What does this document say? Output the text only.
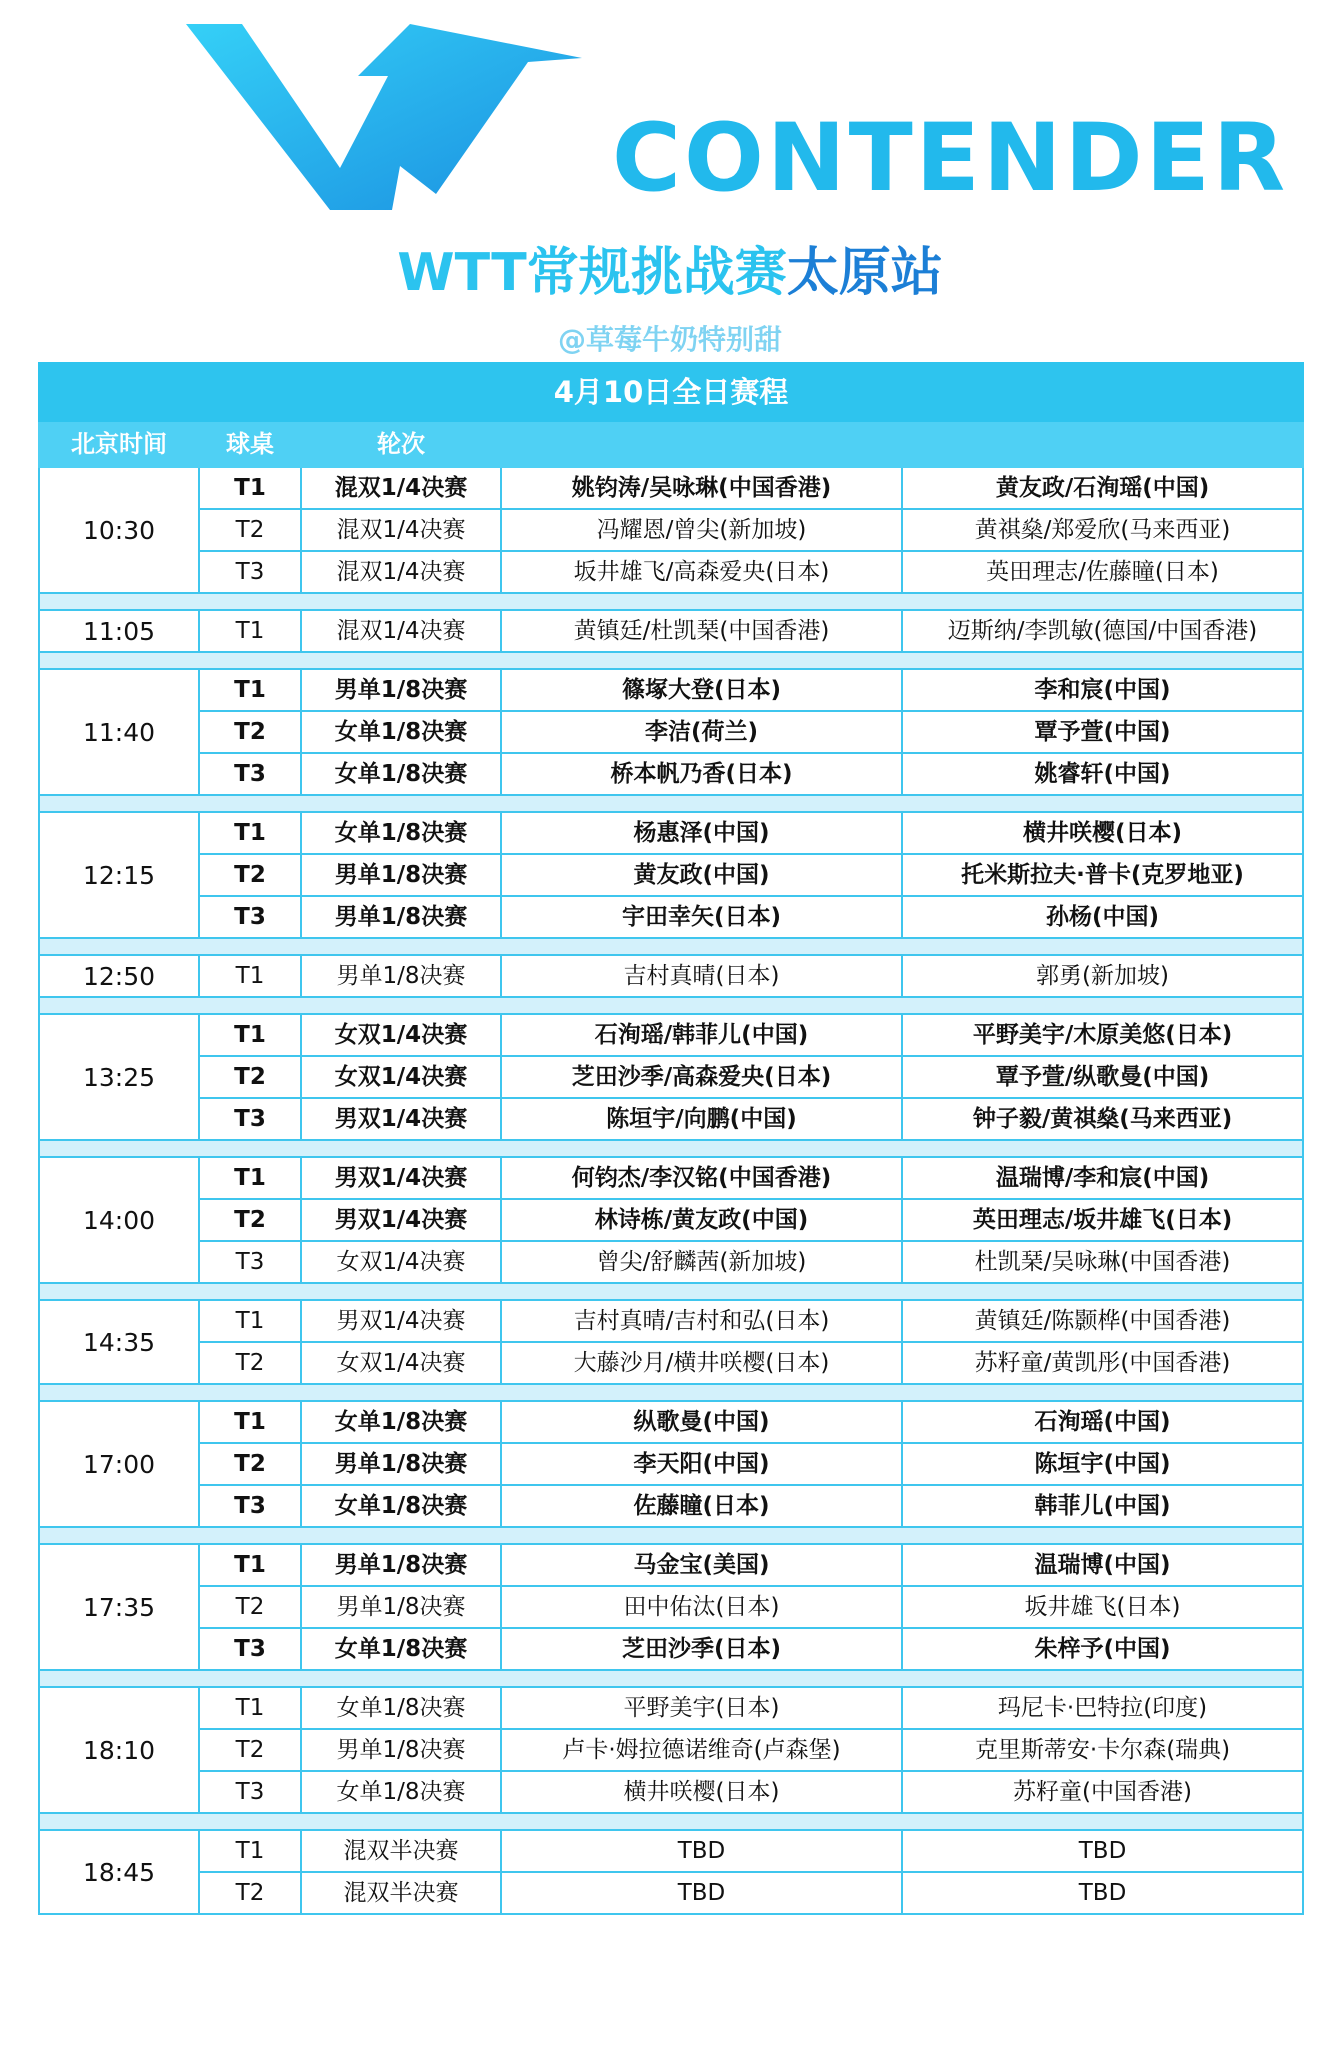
CONTENDER
WTT常规挑战赛太原站
@草莓牛奶特别甜
4月10日全日赛程				
北京时间	球桌	轮次		
10:30	T1	混双1/4决赛	姚钧涛/吴咏琳(中国香港)	黄友政/石洵瑶(中国)
	T2	混双1/4决赛	冯耀恩/曾尖(新加坡)	黄祺燊/郑爱欣(马来西亚)
	T3	混双1/4决赛	坂井雄飞/高森爱央(日本)	英田理志/佐藤瞳(日本)

11:05	T1	混双1/4决赛	黄镇廷/杜凯琹(中国香港)	迈斯纳/李凯敏(德国/中国香港)

11:40	T1	男单1/8决赛	篠塚大登(日本)	李和宸(中国)
	T2	女单1/8决赛	李洁(荷兰)	覃予萱(中国)
	T3	女单1/8决赛	桥本帆乃香(日本)	姚睿轩(中国)

12:15	T1	女单1/8决赛	杨惠泽(中国)	横井咲樱(日本)
	T2	男单1/8决赛	黄友政(中国)	托米斯拉夫·普卡(克罗地亚)
	T3	男单1/8决赛	宇田幸矢(日本)	孙杨(中国)

12:50	T1	男单1/8决赛	吉村真晴(日本)	郭勇(新加坡)

13:25	T1	女双1/4决赛	石洵瑶/韩菲儿(中国)	平野美宇/木原美悠(日本)
	T2	女双1/4决赛	芝田沙季/高森爱央(日本)	覃予萱/纵歌曼(中国)
	T3	男双1/4决赛	陈垣宇/向鹏(中国)	钟子毅/黄祺燊(马来西亚)

14:00	T1	男双1/4决赛	何钧杰/李汉铭(中国香港)	温瑞博/李和宸(中国)
	T2	男双1/4决赛	林诗栋/黄友政(中国)	英田理志/坂井雄飞(日本)
	T3	女双1/4决赛	曾尖/舒麟茜(新加坡)	杜凯琹/吴咏琳(中国香港)

14:35	T1	男双1/4决赛	吉村真晴/吉村和弘(日本)	黄镇廷/陈颢桦(中国香港)
	T2	女双1/4决赛	大藤沙月/横井咲樱(日本)	苏籽童/黄凯彤(中国香港)

17:00	T1	女单1/8决赛	纵歌曼(中国)	石洵瑶(中国)
	T2	男单1/8决赛	李天阳(中国)	陈垣宇(中国)
	T3	女单1/8决赛	佐藤瞳(日本)	韩菲儿(中国)

17:35	T1	男单1/8决赛	马金宝(美国)	温瑞博(中国)
	T2	男单1/8决赛	田中佑汰(日本)	坂井雄飞(日本)
	T3	女单1/8决赛	芝田沙季(日本)	朱梓予(中国)

18:10	T1	女单1/8决赛	平野美宇(日本)	玛尼卡·巴特拉(印度)
	T2	男单1/8决赛	卢卡·姆拉德诺维奇(卢森堡)	克里斯蒂安·卡尔森(瑞典)
	T3	女单1/8决赛	横井咲樱(日本)	苏籽童(中国香港)

18:45	T1	混双半决赛	TBD	TBD
	T2	混双半决赛	TBD	TBD
